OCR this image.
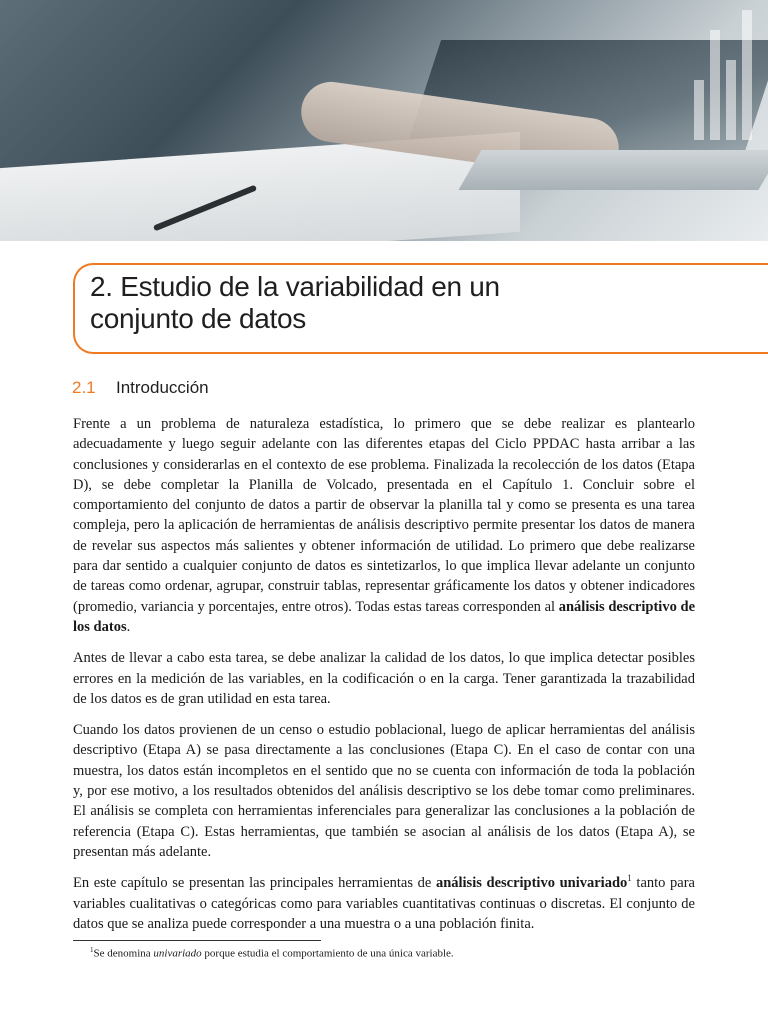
2. Estudio de la variabilidad en un
conjunto de datos
2.1 Introducción

Frente a un problema de naturaleza estadística, lo primero que se debe realizar es plantearlo adecuadamente y luego seguir adelante con las diferentes etapas del Ciclo PPDAC hasta arribar a las conclusiones y considerarlas en el contexto de ese problema. Finalizada la recolección de los datos (Etapa D), se debe completar la Planilla de Volcado, presentada en el Capítulo 1. Concluir sobre el comportamiento del conjunto de datos a partir de observar la planilla tal y como se presenta es una tarea compleja, pero la aplicación de herramientas de análisis descriptivo permite presentar los datos de manera de revelar sus aspectos más salientes y obtener información de utilidad. Lo primero que debe realizarse para dar sentido a cualquier conjunto de datos es sintetizarlos, lo que implica llevar adelante un conjunto de tareas como ordenar, agrupar, construir tablas, representar gráficamente los datos y obtener indicadores (promedio, variancia y porcentajes, entre otros). Todas estas tareas corresponden al análisis descriptivo de los datos.

Antes de llevar a cabo esta tarea, se debe analizar la calidad de los datos, lo que implica detectar posibles errores en la medición de las variables, en la codificación o en la carga. Tener garantizada la trazabilidad de los datos es de gran utilidad en esta tarea.

Cuando los datos provienen de un censo o estudio poblacional, luego de aplicar herramientas del análisis descriptivo (Etapa A) se pasa directamente a las conclusiones (Etapa C). En el caso de contar con una muestra, los datos están incompletos en el sentido que no se cuenta con información de toda la población y, por ese motivo, a los resultados obtenidos del análisis descriptivo se los debe tomar como preliminares. El análisis se completa con herramientas inferenciales para generalizar las conclusiones a la población de referencia (Etapa C). Estas herramientas, que también se asocian al análisis de los datos (Etapa A), se presentan más adelante.

En este capítulo se presentan las principales herramientas de análisis descriptivo univariado$^1$ tanto para variables cualitativas o categóricas como para variables cuantitativas continuas o discretas. El conjunto de datos que se analiza puede corresponder a una muestra o a una población finita.

$^1$Se denomina univariado porque estudia el comportamiento de una única variable.
